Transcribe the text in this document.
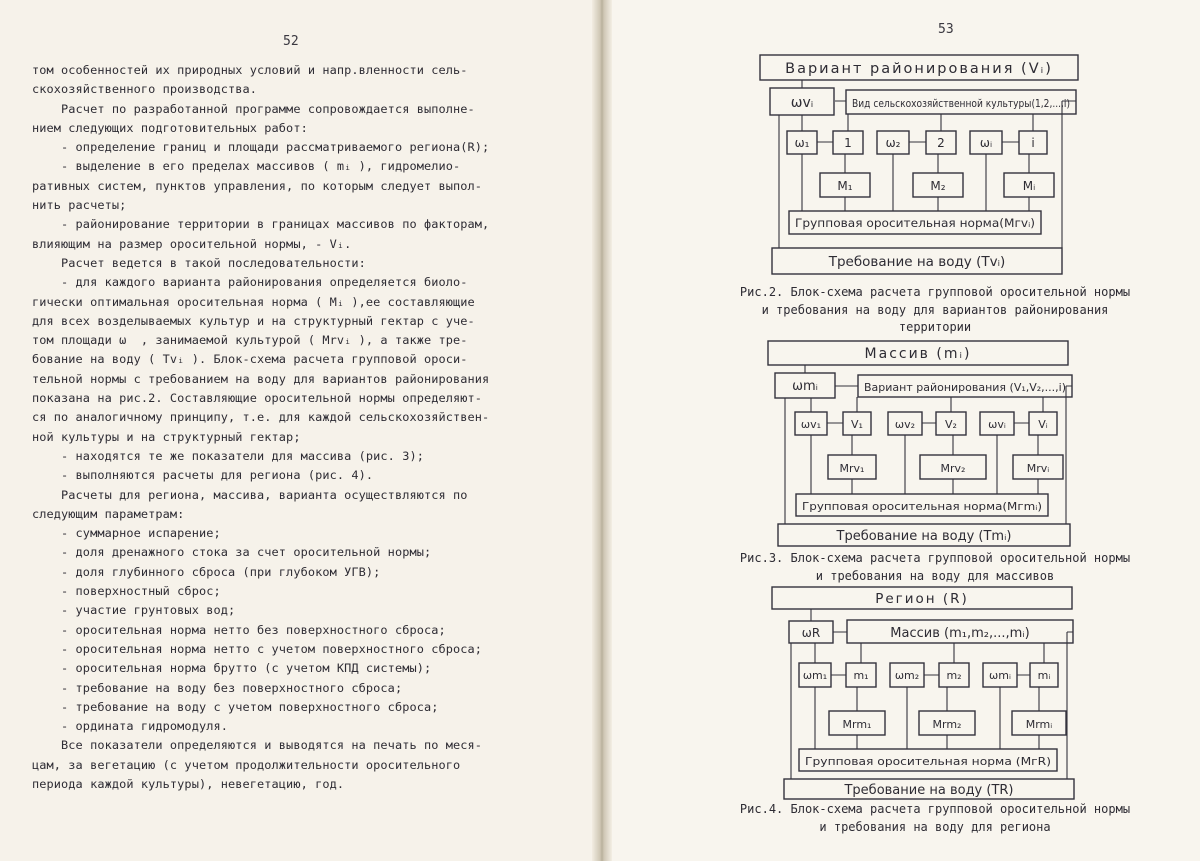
52
53
том особенностей их природных условий и напр.вленности сель-
скохозяйственного производства.
Расчет по разработанной программе сопровождается выполне-
нием следующих подготовительных работ:
- определение границ и площади рассматриваемого региона(R);
- выделение в его пределах массивов ( mᵢ ), гидромелио-
ративных систем, пунктов управления, по которым следует выпол-
нить расчеты;
- районирование территории в границах массивов по факторам,
влияющим на размер оросительной нормы, - Vᵢ.
Расчет ведется в такой последовательности:
- для каждого варианта районирования определяется биоло-
гически оптимальная оросительная норма ( Mᵢ ),ее составляющие
для всех возделываемых культур и на структурный гектар с уче-
том площади ω  , занимаемой культурой ( Mrvᵢ ), а также тре-
бование на воду ( Tvᵢ ). Блок-схема расчета групповой ороси-
тельной нормы с требованием на воду для вариантов районирования
показана на рис.2. Составляющие оросительной нормы определяют-
ся по аналогичному принципу, т.е. для каждой сельскохозяйствен-
ной культуры и на структурный гектар;
- находятся те же показатели для массива (рис. 3);
- выполняются расчеты для региона (рис. 4).
Расчеты для региона, массива, варианта осуществляются по
следующим параметрам:
- суммарное испарение;
- доля дренажного стока за счет оросительной нормы;
- доля глубинного сброса (при глубоком УГВ);
- поверхностный сброс;
- участие грунтовых вод;
- оросительная норма нетто без поверхностного сброса;
- оросительная норма нетто с учетом поверхностного сброса;
- оросительная норма брутто (с учетом КПД системы);
- требование на воду без поверхностного сброса;
- требование на воду с учетом поверхностного сброса;
- ордината гидромодуля.
Все показатели определяются и выводятся на печать по меся-
цам, за вегетацию (с учетом продолжительности оросительного
периода каждой культуры), невегетацию, год.
Вариант районирования (Vᵢ)
ωvᵢ	Вид сельскохозяйственной культуры(1,2,...,i)
ω₁	1	ω₂	2	ωᵢ	i
M₁	M₂	Mᵢ
Групповая оросительная норма(Mгvᵢ)
Требование на воду (Tvᵢ)
Массив (mᵢ)
ωmᵢ	Вариант районирования (V₁,V₂,...,i)
ωv₁	V₁	ωv₂	V₂	ωvᵢ	Vᵢ
Mrv₁	Mrv₂	Mrvᵢ
Групповая оросительная норма(Mгmᵢ)
Требование на воду (Tmᵢ)
Регион (R)
ωR	Массив (m₁,m₂,...,mᵢ)
ωm₁ m₁ ωm₂ m₂ ωmᵢ mᵢ
Mrm₁	Mrm₂	Mrmᵢ
Групповая оросительная норма (MгR)
Требование на воду (TR)
Рис.2. Блок-схема расчета групповой оросительной нормы
и требования на воду для вариантов районирования
территории
Рис.3. Блок-схема расчета групповой оросительной нормы
и требования на воду для массивов
Рис.4. Блок-схема расчета групповой оросительной нормы
и требования на воду для региона
